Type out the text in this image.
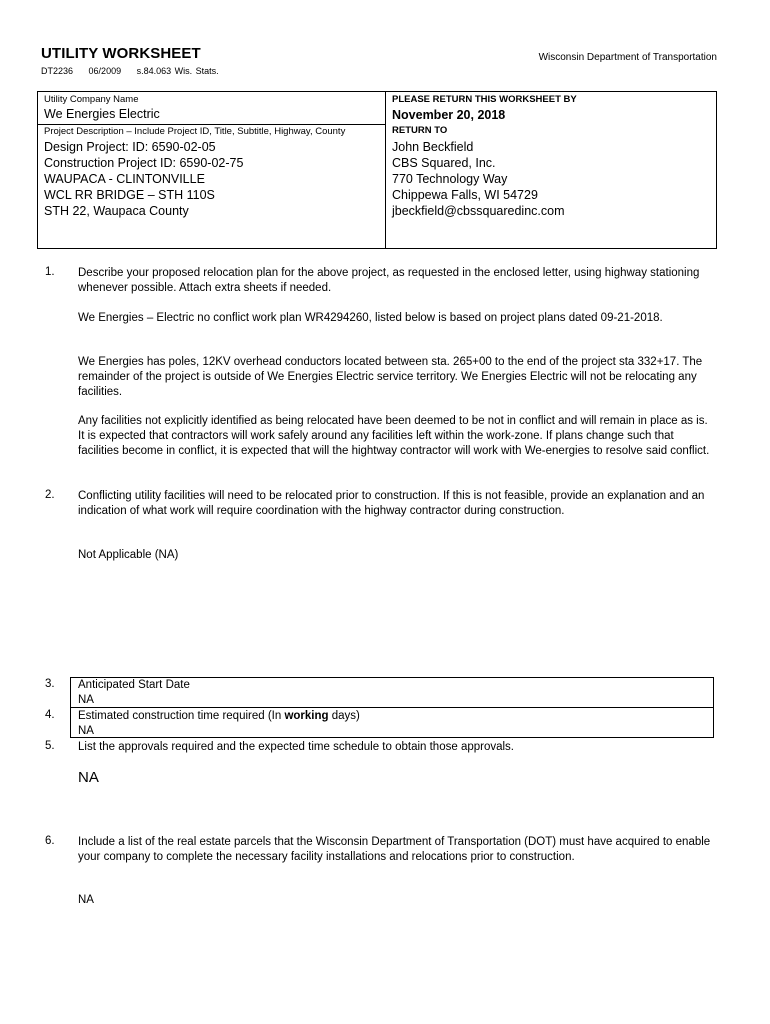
UTILITY WORKSHEET	Wisconsin Department of Transportation
DT2236 06/2009 s.84.063 Wis. Stats.
Utility Company Name
We Energies Electric
Project Description – Include Project ID, Title, Subtitle, Highway, County
Design Project: ID: 6590-02-05
Construction Project ID: 6590-02-75
WAUPACA - CLINTONVILLE
WCL RR BRIDGE – STH 110S
STH 22, Waupaca County
PLEASE RETURN THIS WORKSHEET BY
November 20, 2018
RETURN TO
John Beckfield
CBS Squared, Inc.
770 Technology Way
Chippewa Falls, WI 54729
jbeckfield@cbssquaredinc.com
1. Describe your proposed relocation plan for the above project, as requested in the enclosed letter, using highway stationing whenever possible. Attach extra sheets if needed.
We Energies – Electric no conflict work plan WR4294260, listed below is based on project plans dated 09-21-2018.
We Energies has poles, 12KV overhead conductors located between sta. 265+00 to the end of the project sta 332+17. The remainder of the project is outside of We Energies Electric service territory. We Energies Electric will not be relocating any facilities.
Any facilities not explicitly identified as being relocated have been deemed to be not in conflict and will remain in place as is. It is expected that contractors will work safely around any facilities left within the work-zone. If plans change such that facilities become in conflict, it is expected that will the hightway contractor will work with We-energies to resolve said conflict.
2. Conflicting utility facilities will need to be relocated prior to construction. If this is not feasible, provide an explanation and an indication of what work will require coordination with the highway contractor during construction.
Not Applicable (NA)
3. Anticipated Start Date
NA
4. Estimated construction time required (In working days)
NA
5. List the approvals required and the expected time schedule to obtain those approvals.
NA
6. Include a list of the real estate parcels that the Wisconsin Department of Transportation (DOT) must have acquired to enable your company to complete the necessary facility installations and relocations prior to construction.
NA
